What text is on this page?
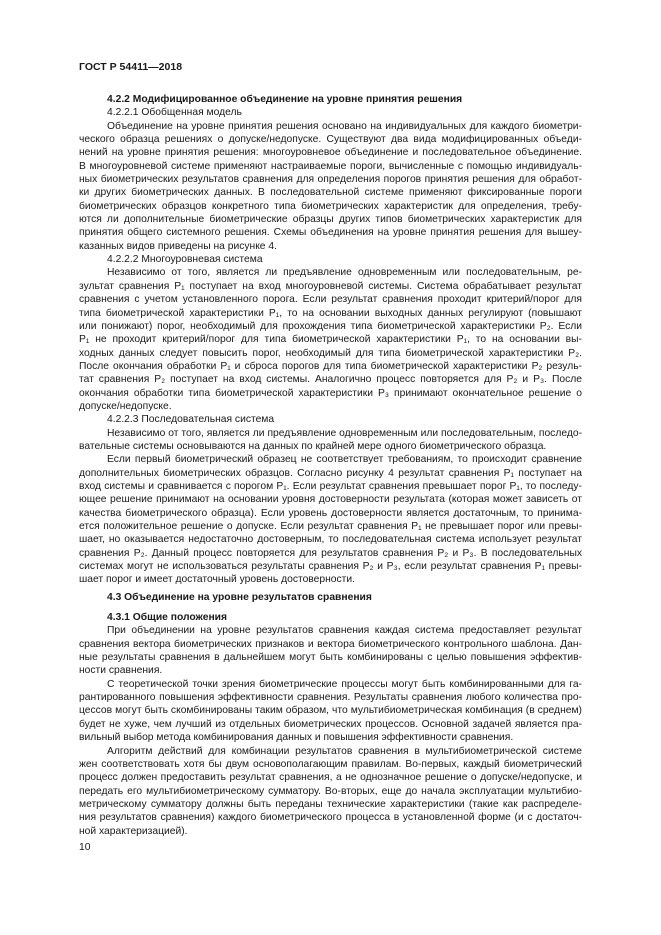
ГОСТ Р 54411—2018
4.2.2 Модифицированное объединение на уровне принятия решения
4.2.2.1 Обобщенная модель
Объединение на уровне принятия решения основано на индивидуальных для каждого биометри-
ческого образца решениях о допуске/недопуске. Существуют два вида модифицированных объеди-
нений на уровне принятия решения: многоуровневое объединение и последовательное объединение.
В многоуровневой системе применяют настраиваемые пороги, вычисленные с помощью индивидуаль-
ных биометрических результатов сравнения для определения порогов принятия решения для обработ-
ки других биометрических данных. В последовательной системе применяют фиксированные пороги
биометрических образцов конкретного типа биометрических характеристик для определения, требу-
ются ли дополнительные биометрические образцы других типов биометрических характеристик для
принятия общего системного решения. Схемы объединения на уровне принятия решения для вышеу-
казанных видов приведены на рисунке 4.
4.2.2.2 Многоуровневая система
Независимо от того, является ли предъявление одновременным или последовательным, ре-
зультат сравнения P₁ поступает на вход многоуровневой системы. Система обрабатывает результат
сравнения с учетом установленного порога. Если результат сравнения проходит критерий/порог для
типа биометрической характеристики P₁, то на основании выходных данных регулируют (повышают
или понижают) порог, необходимый для прохождения типа биометрической характеристики P₂. Если
P₁ не проходит критерий/порог для типа биометрической характеристики P₁, то на основании вы-
ходных данных следует повысить порог, необходимый для типа биометрической характеристики P₂.
После окончания обработки P₁ и сброса порогов для типа биометрической характеристики P₂ резуль-
тат сравнения P₂ поступает на вход системы. Аналогично процесс повторяется для P₂ и P₃. После
окончания обработки типа биометрической характеристики P₃ принимают окончательное решение о
допуске/недопуске.
4.2.2.3 Последовательная система
Независимо от того, является ли предъявление одновременным или последовательным, последо-
вательные системы основываются на данных по крайней мере одного биометрического образца.
Если первый биометрический образец не соответствует требованиям, то происходит сравнение
дополнительных биометрических образцов. Согласно рисунку 4 результат сравнения P₁ поступает на
вход системы и сравнивается с порогом P₁. Если результат сравнения превышает порог P₁, то последу-
ющее решение принимают на основании уровня достоверности результата (которая может зависеть от
качества биометрического образца). Если уровень достоверности является достаточным, то принима-
ется положительное решение о допуске. Если результат сравнения P₁ не превышает порог или превы-
шает, но оказывается недостаточно достоверным, то последовательная система использует результат
сравнения P₂. Данный процесс повторяется для результатов сравнения P₂ и P₃. В последовательных
системах могут не использоваться результаты сравнения P₂ и P₃, если результат сравнения P₁ превы-
шает порог и имеет достаточный уровень достоверности.
4.3 Объединение на уровне результатов сравнения
4.3.1 Общие положения
При объединении на уровне результатов сравнения каждая система предоставляет результат
сравнения вектора биометрических признаков и вектора биометрического контрольного шаблона. Дан-
ные результаты сравнения в дальнейшем могут быть комбинированы с целью повышения эффектив-
ности сравнения.
С теоретической точки зрения биометрические процессы могут быть комбинированными для га-
рантированного повышения эффективности сравнения. Результаты сравнения любого количества про-
цессов могут быть скомбинированы таким образом, что мультибиометрическая комбинация (в среднем)
будет не хуже, чем лучший из отдельных биометрических процессов. Основной задачей является пра-
вильный выбор метода комбинирования данных и повышения эффективности сравнения.
Алгоритм действий для комбинации результатов сравнения в мультибиометрической системе
жен соответствовать хотя бы двум основополагающим правилам. Во-первых, каждый биометрический
процесс должен предоставить результат сравнения, а не однозначное решение о допуске/недопуске, и
передать его мультибиометрическому сумматору. Во-вторых, еще до начала эксплуатации мультибио-
метрическому сумматору должны быть переданы технические характеристики (такие как распределе-
ния результатов сравнения) каждого биометрического процесса в установленной форме (и с достаточ-
ной характеризацией).
10
